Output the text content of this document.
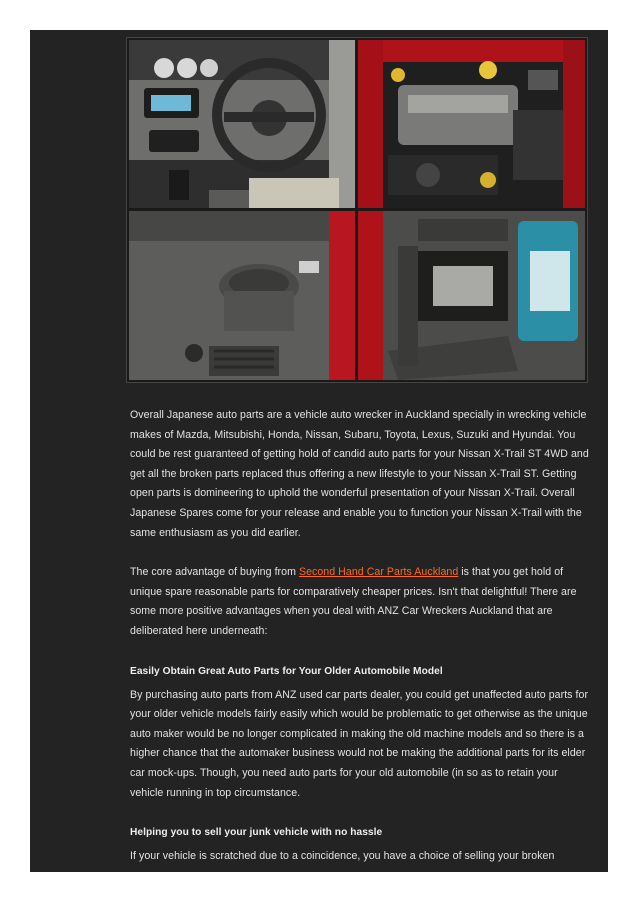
Overall Japanese auto parts are a vehicle auto wrecker in Auckland specially in wrecking vehicle makes of Mazda, Mitsubishi, Honda, Nissan, Subaru, Toyota, Lexus, Suzuki and Hyundai. You could be rest guaranteed of getting hold of candid auto parts for your Nissan X-Trail ST 4WD and get all the broken parts replaced thus offering a new lifestyle to your Nissan X-Trail ST. Getting open parts is domineering to uphold the wonderful presentation of your Nissan X-Trail. Overall Japanese Spares come for your release and enable you to function your Nissan X-Trail with the same enthusiasm as you did earlier.

The core advantage of buying from Second Hand Car Parts Auckland is that you get hold of unique spare reasonable parts for comparatively cheaper prices. Isn't that delightful! There are some more positive advantages when you deal with ANZ Car Wreckers Auckland that are deliberated here underneath:

Easily Obtain Great Auto Parts for Your Older Automobile Model

By purchasing auto parts from ANZ used car parts dealer, you could get unaffected auto parts for your older vehicle models fairly easily which would be problematic to get otherwise as the unique auto maker would be no longer complicated in making the old machine models and so there is a higher chance that the automaker business would not be making the additional parts for its elder car mock-ups. Though, you need auto parts for your old automobile (in so as to retain your vehicle running in top circumstance.

Helping you to sell your junk vehicle with no hassle

If your vehicle is scratched due to a coincidence, you have a choice of selling your broken
